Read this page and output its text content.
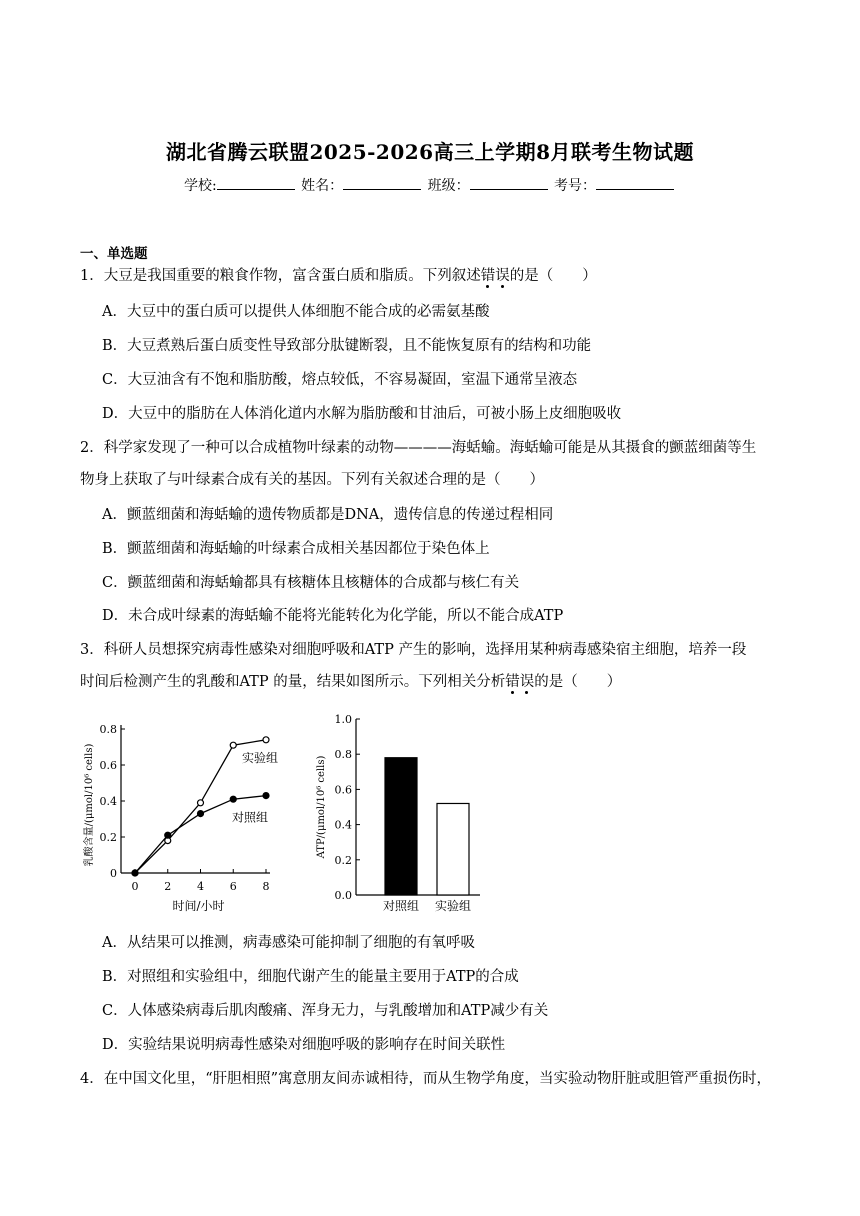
湖北省腾云联盟2025-2026高三上学期8月联考生物试题
学校:	姓名：	班级：	考号：
一、单选题
1．大豆是我国重要的粮食作物，富含蛋白质和脂质。下列叙述错误的是（　　）
A．大豆中的蛋白质可以提供人体细胞不能合成的必需氨基酸
B．大豆煮熟后蛋白质变性导致部分肽键断裂，且不能恢复原有的结构和功能
C．大豆油含有不饱和脂肪酸，熔点较低，不容易凝固，室温下通常呈液态
D．大豆中的脂肪在人体消化道内水解为脂肪酸和甘油后，可被小肠上皮细胞吸收
2．科学家发现了一种可以合成植物叶绿素的动物————海蛞蝓。海蛞蝓可能是从其摄食的颤蓝细菌等生
物身上获取了与叶绿素合成有关的基因。下列有关叙述合理的是（　　）
A．颤蓝细菌和海蛞蝓的遗传物质都是DNA，遗传信息的传递过程相同
B．颤蓝细菌和海蛞蝓的叶绿素合成相关基因都位于染色体上
C．颤蓝细菌和海蛞蝓都具有核糖体且核糖体的合成都与核仁有关
D．未合成叶绿素的海蛞蝓不能将光能转化为化学能，所以不能合成ATP
3．科研人员想探究病毒性感染对细胞呼吸和ATP 产生的影响，选择用某种病毒感染宿主细胞，培养一段
时间后检测产生的乳酸和ATP 的量，结果如图所示。下列相关分析错误的是（　　）
0
0.2
0.4
0.6
0.8
0 2 4 6 8
时间/小时
乳酸含量/(μmol/10⁶ cells)	实验组
对照组
0.0
0.2
0.4
0.6
0.8
1.0
ATP/(μmol/10⁶ cells)
对照组 实验组
A．从结果可以推测，病毒感染可能抑制了细胞的有氧呼吸
B．对照组和实验组中，细胞代谢产生的能量主要用于ATP的合成
C．人体感染病毒后肌肉酸痛、浑身无力，与乳酸增加和ATP减少有关
D．实验结果说明病毒性感染对细胞呼吸的影响存在时间关联性
4．在中国文化里，“肝胆相照”寓意朋友间赤诚相待，而从生物学角度，当实验动物肝脏或胆管严重损伤时，
